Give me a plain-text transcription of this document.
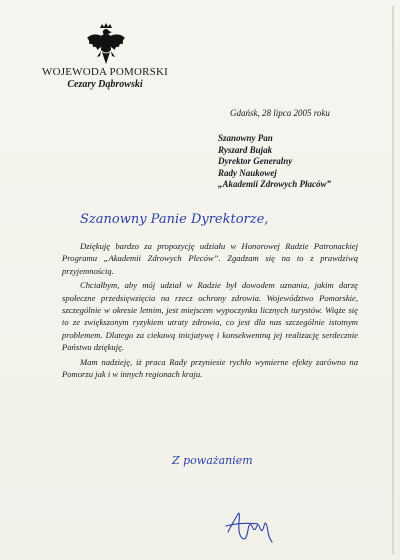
WOJEWODA POMORSKI
Cezary Dąbrowski
Gdańsk, 28 lipca 2005 roku
Szanowny Pan
Ryszard Bujak
Dyrektor Generalny
Rady Naukowej
„Akademii Zdrowych Płaców”
Szanowny Panie Dyrektorze,

Dziękuję bardzo za propozycję udziału w Honorowej Radzie Patronackiej Programu „Akademii Zdrowych Pleców”. Zgadzam się na to z prawdziwą przyjemnością.

Chciałbym, aby mój udział w Radzie był dowodem uznania, jakim darzę społeczne przedsięwzięcia na rzecz ochrony zdrowia. Województwo Pomorskie, szczególnie w okresie letnim, jest miejscem wypoczynku licznych turystów. Wiąże się to ze zwiększonym ryzykiem utraty zdrowia, co jest dla nas szczególnie istotnym problemem. Dlatego za ciekawą inicjatywę i konsekwentną jej realizację serdecznie Państwu dziękuję.

Mam nadzieję, iż praca Rady przyniesie rychło wymierne efekty zarówno na Pomorzu jak i w innych regionach kraju.

Z poważaniem
